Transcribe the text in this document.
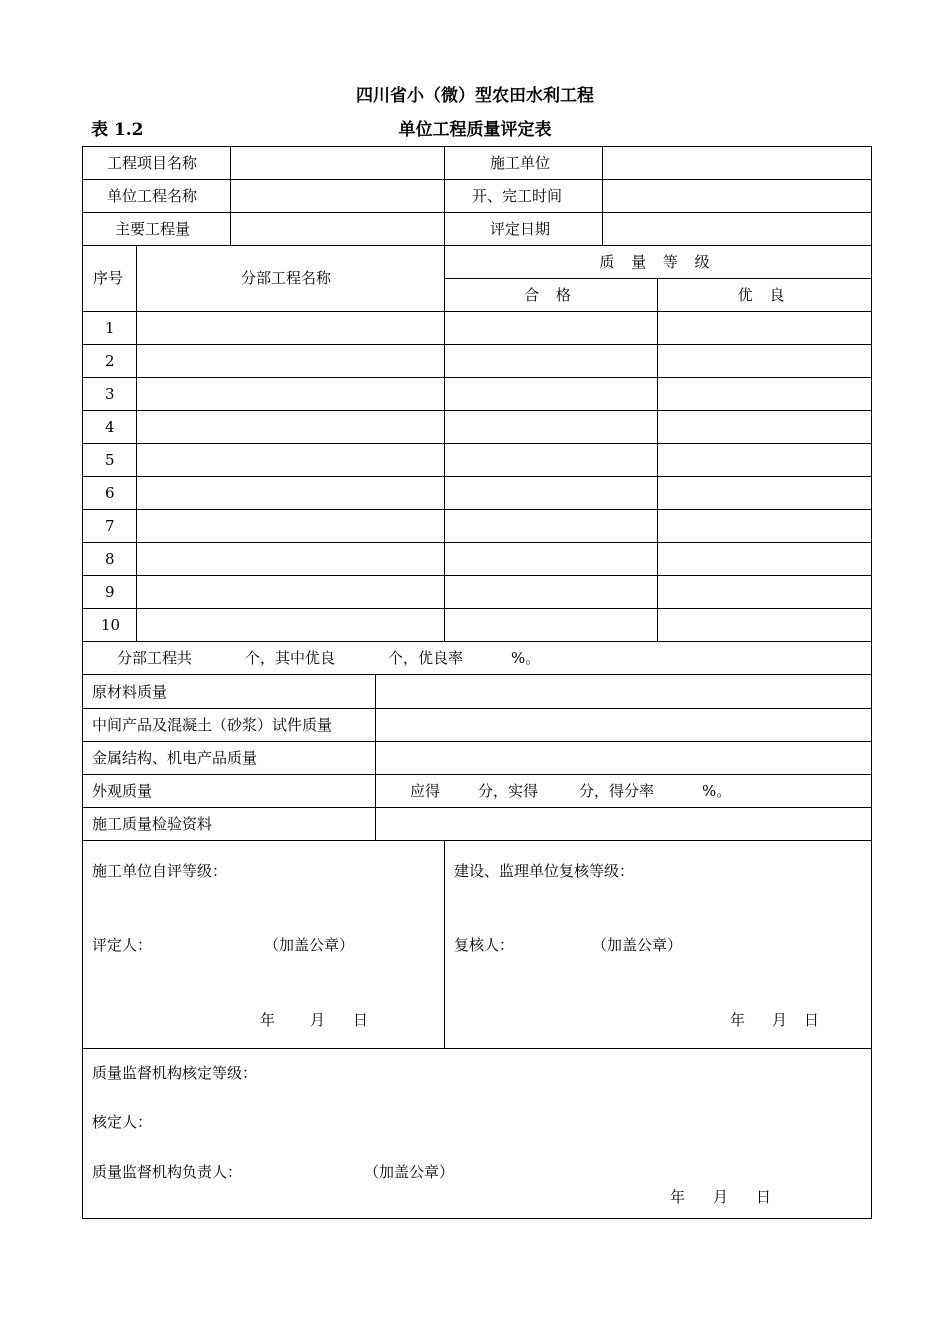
四川省小（微）型农田水利工程
表 1.2	单位工程质量评定表
工程项目名称	施工单位
单位工程名称	开、完工时间
主要工程量	评定日期
序号	分部工程名称
质 量 等 级
合 格	优 良
1
2
3
4
5
6
7
8
9
10
分部工程共	个，其中优良	个，优良率	%。
原材料质量
中间产品及混凝土（砂浆）试件质量
金属结构、机电产品质量
外观质量	应得	分，实得	分，得分率	%。
施工质量检验资料
施工单位自评等级：
评定人：	（加盖公章）
年 月 日
建设、监理单位复核等级：
复核人：	（加盖公章）
年 月 日
质量监督机构核定等级：
核定人：
质量监督机构负责人：	（加盖公章）
年 月 日
